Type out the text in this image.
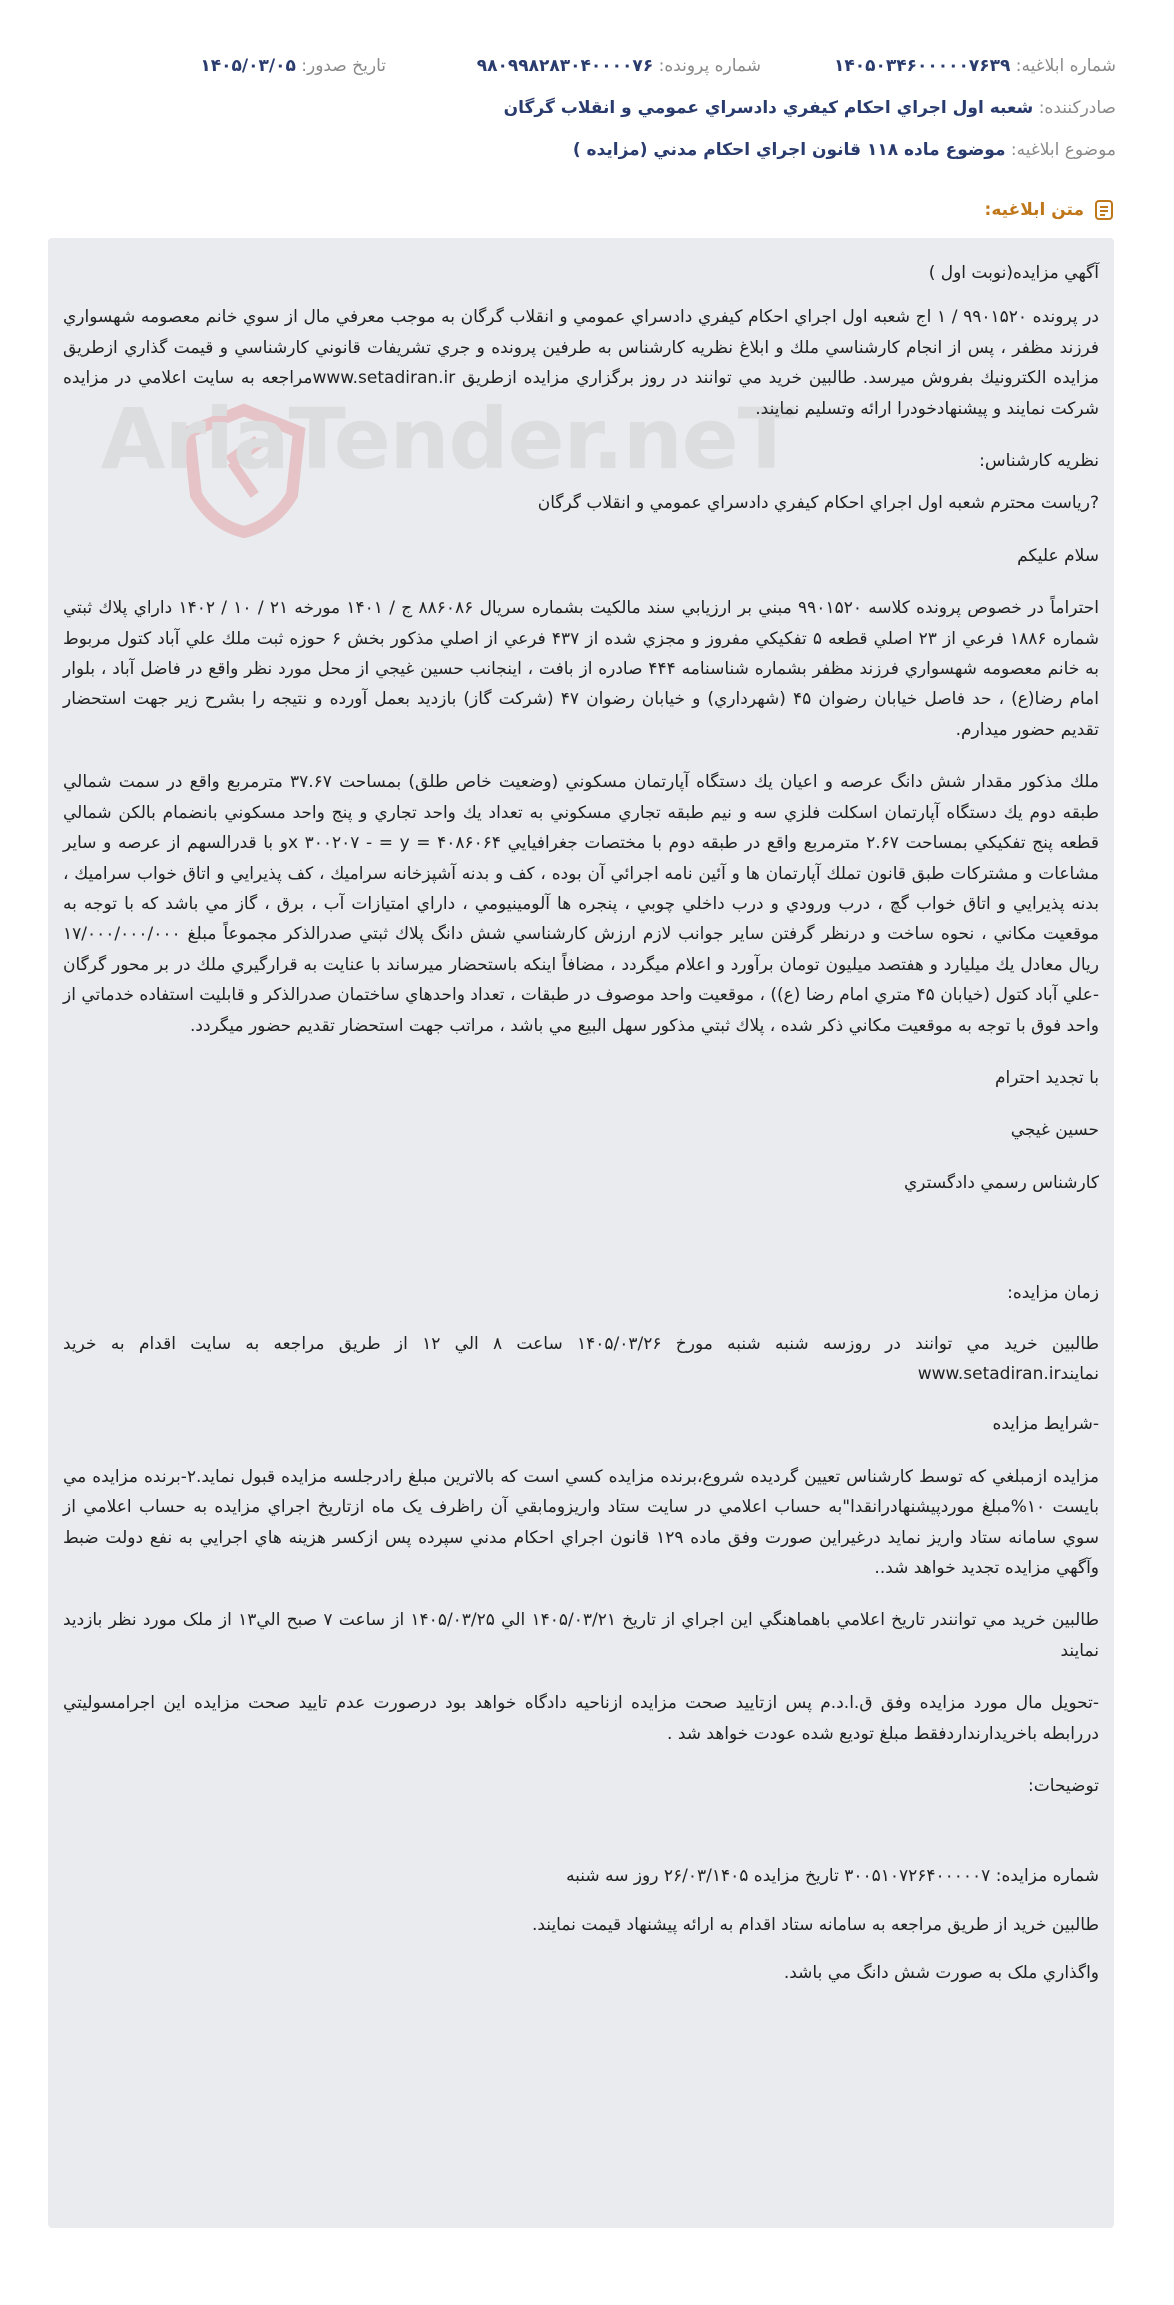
شماره ابلاغيه: ۱۴۰۵۰۳۴۶۰۰۰۰۰۷۶۳۹
شماره پرونده: ۹۸۰۹۹۸۲۸۳۰۴۰۰۰۰۷۶
تاريخ صدور: ۱۴۰۵/۰۳/۰۵
صادرکننده: شعبه اول اجراي احكام كيفري دادسراي عمومي و انقلاب گرگان
موضوع ابلاغيه: موضوع ماده ۱۱۸ قانون اجراي احکام مدني (مزايده )
متن ابلاغيه:
AriaTender.neT

آگهي مزايده(نوبت اول )

در پرونده ۹۹۰۱۵۲۰ / ۱ اج شعبه اول اجراي احكام كيفري دادسراي عمومي و انقلاب گرگان به موجب معرفي مال از سوي خانم معصومه شهسواري فرزند مظفر ، پس از انجام كارشناسي ملك و ابلاغ نظريه كارشناس به طرفين پرونده و جري تشريفات قانوني كارشناسي و قيمت گذاري ازطريق مزايده الكترونيك بفروش ميرسد. طالبين خريد مي توانند در روز برگزاري مزايده ازطريق www.setadiran.irمراجعه به سايت اعلامي در مزايده شركت نمايند و پيشنهادخودرا ارائه وتسليم نمايند.

نظريه كارشناس:

?رياست محترم شعبه اول اجراي احكام كيفري دادسراي عمومي و انقلاب گرگان

سلام عليكم

احتراماً در خصوص پرونده كلاسه ۹۹۰۱۵۲۰ مبني بر ارزيابي سند مالكيت بشماره سريال ۸۸۶۰۸۶ ج / ۱۴۰۱ مورخه ۲۱ / ۱۰ / ۱۴۰۲ داراي پلاك ثبتي شماره ۱۸۸۶ فرعي از ۲۳ اصلي قطعه ۵ تفكيكي مفروز و مجزي شده از ۴۳۷ فرعي از اصلي مذكور بخش ۶ حوزه ثبت ملك علي آباد كتول مربوط به خانم معصومه شهسواري فرزند مظفر بشماره شناسنامه ۴۴۴ صادره از بافت ، اينجانب حسين غيجي از محل مورد نظر واقع در فاضل آباد ، بلوار امام رضا(ع) ، حد فاصل خيابان رضوان ۴۵ (شهرداري) و خيابان رضوان ۴۷ (شركت گاز) بازديد بعمل آورده و نتيجه را بشرح زير جهت استحضار تقديم حضور ميدارم.

ملك مذكور مقدار شش دانگ عرصه و اعيان يك دستگاه آپارتمان مسكوني (وضعيت خاص طلق) بمساحت ۳۷.۶۷ مترمربع واقع در سمت شمالي طبقه دوم يك دستگاه آپارتمان اسكلت فلزي سه و نيم طبقه تجاري مسكوني به تعداد يك واحد تجاري و پنج واحد مسكوني بانضمام بالكن شمالي قطعه پنج تفكيكي بمساحت ۲.۶۷ مترمربع واقع در طبقه دوم با مختصات جغرافيايي ۴۰۸۶۰۶۴ = x ۳۰۰۲۰۷ - = yو با قدرالسهم از عرصه و ساير مشاعات و مشتركات طبق قانون تملك آپارتمان ها و آئين نامه اجرائي آن بوده ، كف و بدنه آشپزخانه سراميك ، كف پذيرايي و اتاق خواب سراميك ، بدنه پذيرايي و اتاق خواب گچ ، درب ورودي و درب داخلي چوبي ، پنجره ها آلومينيومي ، داراي امتيازات آب ، برق ، گاز مي باشد كه با توجه به موقعيت مكاني ، نحوه ساخت و درنظر گرفتن ساير جوانب لازم ارزش كارشناسي شش دانگ پلاك ثبتي صدرالذكر مجموعاً مبلغ ۱۷/۰۰۰/۰۰۰/۰۰۰ ريال معادل يك ميليارد و هفتصد ميليون تومان برآورد و اعلام ميگردد ، مضافاً اينكه باستحضار ميرساند با عنايت به قرارگيري ملك در بر محور گرگان -علي آباد كتول (خيابان ۴۵ متري امام رضا (ع)) ، موقعيت واحد موصوف در طبقات ، تعداد واحدهاي ساختمان صدرالذكر و قابليت استفاده خدماتي از واحد فوق با توجه به موقعيت مكاني ذكر شده ، پلاك ثبتي مذكور سهل البيع مي باشد ، مراتب جهت استحضار تقديم حضور ميگردد.

با تجديد احترام

حسين غيجي

كارشناس رسمي دادگستري

زمان مزايده:

طالبين خريد مي توانند در روزسه شنبه شنبه مورخ ۱۴۰۵/۰۳/۲۶ ساعت ۸ الي ۱۲ از طريق مراجعه به سايت اقدام به خريد نمايندwww.setadiran.ir

-شرايط مزايده

مزايده ازمبلغي كه توسط كارشناس تعيين گرديده شروع،برنده مزايده كسي است كه بالاترين مبلغ رادرجلسه مزايده قبول نمايد.۲-برنده مزايده مي بايست ۱۰%مبلغ موردپيشنهادرانقدا"به حساب اعلامي در سايت ستاد واريزومابقي آن راظرف يک ماه ازتاريخ اجراي مزايده به حساب اعلامي از سوي سامانه ستاد واريز نمايد درغيراين صورت وفق ماده ۱۲۹ قانون اجراي احکام مدني سپرده پس ازکسر هزينه هاي اجرايي به نفع دولت ضبط وآگهي مزايده تجديد خواهد شد..

طالبين خريد مي توانندر تاريخ اعلامي باهماهنگي اين اجراي از تاريخ ۱۴۰۵/۰۳/۲۱ الي ۱۴۰۵/۰۳/۲۵ از ساعت ۷ صبح الي۱۳ از ملک مورد نظر بازديد نمايند

-تحويل مال مورد مزايده وفق ق.ا.د.م پس ازتاييد صحت مزايده ازناحيه دادگاه خواهد بود درصورت عدم تاييد صحت مزايده اين اجرامسوليتي دررابطه باخريدارنداردفقط مبلغ توديع شده عودت خواهد شد .

توضيحات:

شماره مزايده: ۳۰۰۵۱۰۷۲۶۴۰۰۰۰۰۷ تاريخ مزايده ۲۶/۰۳/۱۴۰۵ روز سه شنبه

طالبين خريد از طريق مراجعه به سامانه ستاد اقدام به ارائه پيشنهاد قيمت نمايند.

واگذاري ملک به صورت شش دانگ مي باشد.
